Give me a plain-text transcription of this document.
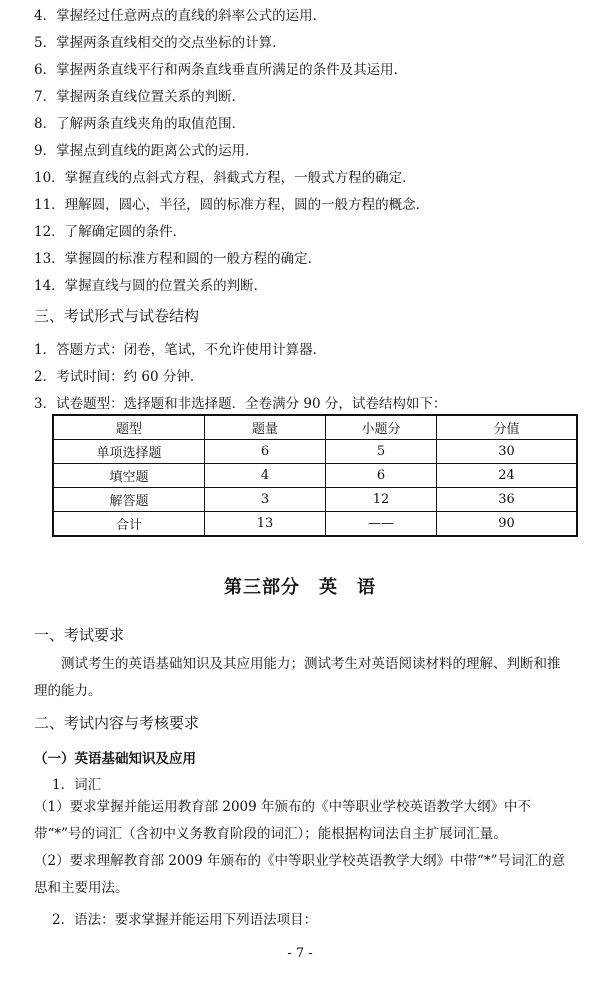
4．掌握经过任意两点的直线的斜率公式的运用．
5．掌握两条直线相交的交点坐标的计算．
6．掌握两条直线平行和两条直线垂直所满足的条件及其运用．
7．掌握两条直线位置关系的判断．
8．了解两条直线夹角的取值范围．
9．掌握点到直线的距离公式的运用．
10．掌握直线的点斜式方程，斜截式方程，一般式方程的确定．
11．理解圆，圆心，半径，圆的标准方程，圆的一般方程的概念．
12．了解确定圆的条件．
13．掌握圆的标准方程和圆的一般方程的确定．
14．掌握直线与圆的位置关系的判断．
三、考试形式与试卷结构
1．答题方式：闭卷，笔试，不允许使用计算器．
2．考试时间：约 60 分钟．
3．试卷题型：选择题和非选择题．全卷满分 90 分，试卷结构如下：
题型	题量	小题分	分值
单项选择题	6	5	30
填空题	4	6	24
解答题	3	12	36
合计	13	——	90
第三部分　英　语
一、考试要求
测试考生的英语基础知识及其应用能力；测试考生对英语阅读材料的理解、判断和推理的能力。
二、考试内容与考核要求
（一）英语基础知识及应用
1．词汇
（1）要求掌握并能运用教育部 2009 年颁布的《中等职业学校英语教学大纲》中不带“*”号的词汇（含初中义务教育阶段的词汇）；能根据构词法自主扩展词汇量。
（2）要求理解教育部 2009 年颁布的《中等职业学校英语教学大纲》中带“*”号词汇的意思和主要用法。
2．语法：要求掌握并能运用下列语法项目：
- 7 -
